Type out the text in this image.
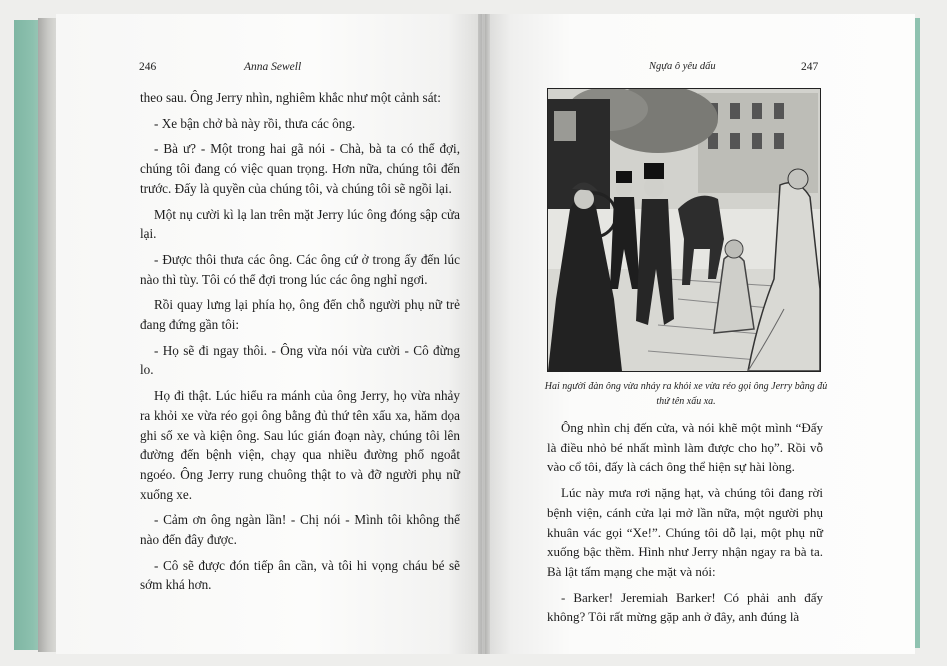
246	Anna Sewell

theo sau. Ông Jerry nhìn, nghiêm khắc như một cảnh sát:

- Xe bận chở bà này rồi, thưa các ông.

- Bà ư? - Một trong hai gã nói - Chà, bà ta có thể đợi, chúng tôi đang có việc quan trọng. Hơn nữa, chúng tôi đến trước. Đấy là quyền của chúng tôi, và chúng tôi sẽ ngồi lại.

Một nụ cười kì lạ lan trên mặt Jerry lúc ông đóng sập cửa lại.

- Được thôi thưa các ông. Các ông cứ ở trong ấy đến lúc nào thì tùy. Tôi có thể đợi trong lúc các ông nghỉ ngơi.

Rồi quay lưng lại phía họ, ông đến chỗ người phụ nữ trẻ đang đứng gần tôi:

- Họ sẽ đi ngay thôi. - Ông vừa nói vừa cười - Cô đừng lo.

Họ đi thật. Lúc hiểu ra mánh của ông Jerry, họ vừa nhảy ra khỏi xe vừa réo gọi ông bằng đủ thứ tên xấu xa, hăm dọa ghi số xe và kiện ông. Sau lúc gián đoạn này, chúng tôi lên đường đến bệnh viện, chạy qua nhiều đường phố ngoắt ngoéo. Ông Jerry rung chuông thật to và đỡ người phụ nữ xuống xe.

- Cảm ơn ông ngàn lần! - Chị nói - Mình tôi không thể nào đến đây được.

- Cô sẽ được đón tiếp ân cần, và tôi hi vọng cháu bé sẽ sớm khá hơn.

Ngựa ô yêu dấu	247
Hai người đàn ông vừa nhảy ra khỏi xe vừa réo gọi ông Jerry bằng đủ thứ tên xấu xa.

Ông nhìn chị đến cửa, và nói khẽ một mình “Đấy là điều nhỏ bé nhất mình làm được cho họ”. Rồi vỗ vào cổ tôi, đấy là cách ông thể hiện sự hài lòng.

Lúc này mưa rơi nặng hạt, và chúng tôi đang rời bệnh viện, cánh cửa lại mở lần nữa, một người phụ khuân vác gọi “Xe!”. Chúng tôi dỗ lại, một phụ nữ xuống bậc thềm. Hình như Jerry nhận ngay ra bà ta. Bà lật tấm mạng che mặt và nói:

- Barker! Jeremiah Barker! Có phải anh đấy không? Tôi rất mừng gặp anh ở đây, anh đúng là
